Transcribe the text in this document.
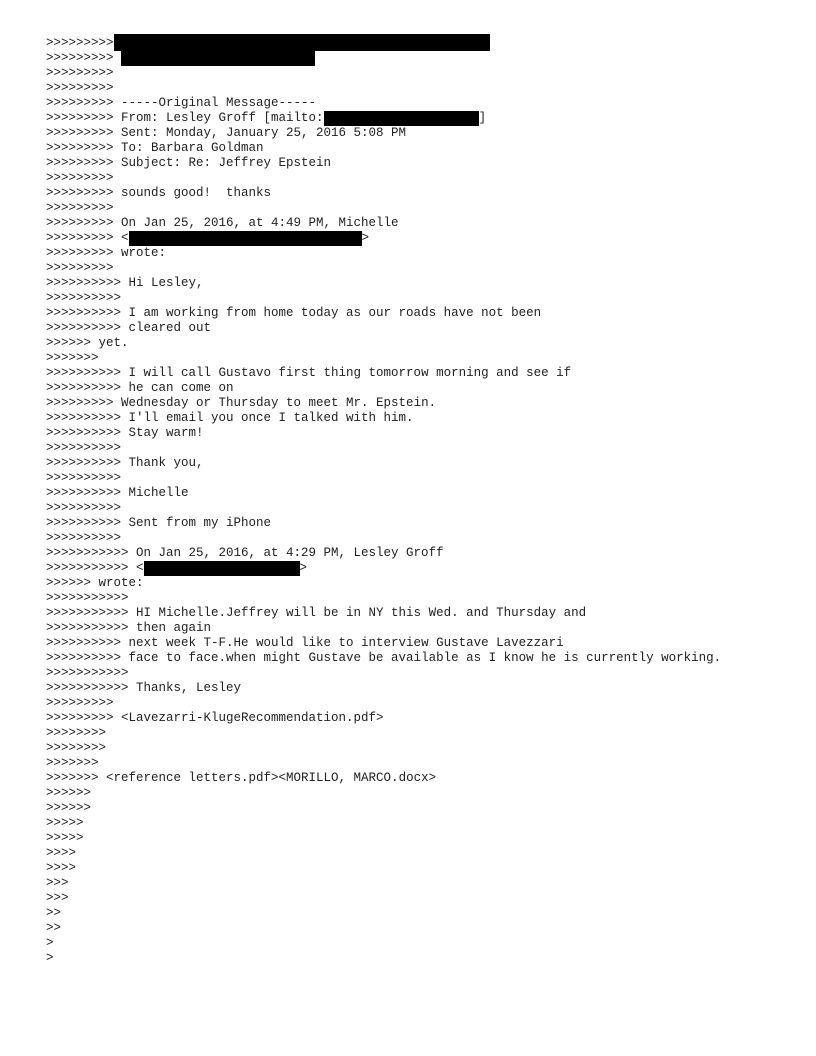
>>>>>>>>>
>>>>>>>>>
>>>>>>>>>
>>>>>>>>>
>>>>>>>>> -----Original Message-----
>>>>>>>>> From: Lesley Groff [mailto:	]
>>>>>>>>> Sent: Monday, January 25, 2016 5:08 PM
>>>>>>>>> To: Barbara Goldman
>>>>>>>>> Subject: Re: Jeffrey Epstein
>>>>>>>>>
>>>>>>>>> sounds good!  thanks
>>>>>>>>>
>>>>>>>>> On Jan 25, 2016, at 4:49 PM, Michelle
>>>>>>>>> <	>
>>>>>>>>> wrote:
>>>>>>>>>
>>>>>>>>>> Hi Lesley,
>>>>>>>>>>
>>>>>>>>>> I am working from home today as our roads have not been
>>>>>>>>>> cleared out
>>>>>> yet.
>>>>>>>
>>>>>>>>>> I will call Gustavo first thing tomorrow morning and see if
>>>>>>>>>> he can come on
>>>>>>>>> Wednesday or Thursday to meet Mr. Epstein.
>>>>>>>>>> I'll email you once I talked with him.
>>>>>>>>>> Stay warm!
>>>>>>>>>>
>>>>>>>>>> Thank you,
>>>>>>>>>>
>>>>>>>>>> Michelle
>>>>>>>>>>
>>>>>>>>>> Sent from my iPhone
>>>>>>>>>>
>>>>>>>>>>> On Jan 25, 2016, at 4:29 PM, Lesley Groff
>>>>>>>>>>> <	>
>>>>>> wrote:
>>>>>>>>>>>
>>>>>>>>>>> HI Michelle.Jeffrey will be in NY this Wed. and Thursday and
>>>>>>>>>>> then again
>>>>>>>>>> next week T-F.He would like to interview Gustave Lavezzari
>>>>>>>>>> face to face.when might Gustave be available as I know he is currently working.
>>>>>>>>>>>
>>>>>>>>>>> Thanks, Lesley
>>>>>>>>>
>>>>>>>>> <Lavezarri-KlugeRecommendation.pdf>
>>>>>>>>
>>>>>>>>
>>>>>>>
>>>>>>> <reference letters.pdf><MORILLO, MARCO.docx>
>>>>>>
>>>>>>
>>>>>
>>>>>
>>>>
>>>>
>>>
>>>
>>
>>
>
>
